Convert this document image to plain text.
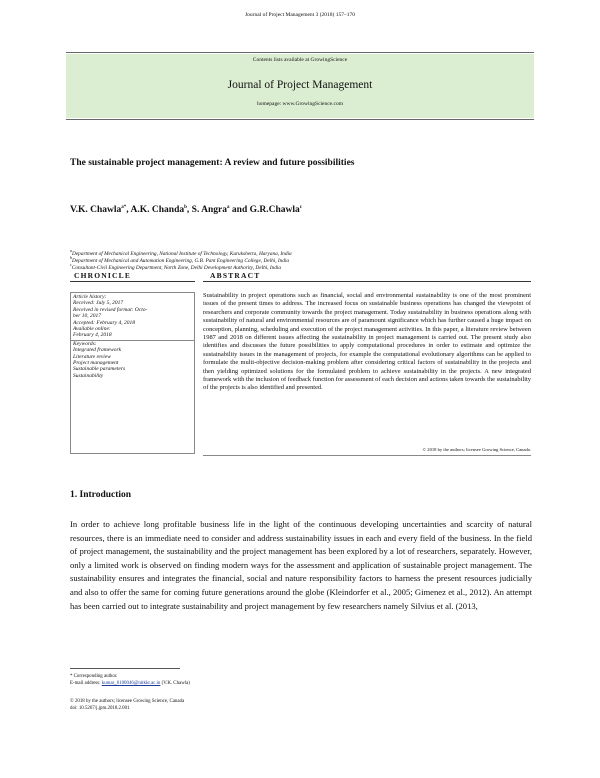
Journal of Project Management 3 (2018) 157–170
Contents lists available at GrowingScience
Journal of Project Management
homepage: www.GrowingScience.com
The sustainable project management: A review and future possibilities
V.K. Chawla$^{a*}$, A.K. Chanda$^b$, S. Angra$^a$ and G.R.Chawla$^c$
$^a$Department of Mechanical Engineering, National Institute of Technology, Kurukshetra, Haryana, India
$^b$Department of Mechanical and Automation Engineering, G.B. Pant Engineering College, Delhi, India
$^c$Consultant-Civil Engineering Department, North Zone, Delhi Development Authority, Delhi, India
CHRONICLE	ABSTRACT
Article history:
Received: July 5, 2017
Received in revised format: Octo-
ber 10, 2017
Accepted: February 4, 2018
Available online:
February 4, 2018
Keywords:
Integrated framework
Literature review
Project management
Sustainable parameters
Sustainability
Sustainability in project operations such as financial, social and environmental sustainability is one of the most prominent issues of the present times to address. The increased focus on sustainable business operations has changed the viewpoint of researchers and corporate community towards the project management. Today sustainability in business operations along with sustainability of natural and environmental resources are of paramount significance which has further caused a huge impact on conception, planning, scheduling and execution of the project management activities. In this paper, a literature review between 1987 and 2018 on different issues affecting the sustainability in project management is carried out. The present study also identifies and discusses the future possibilities to apply computational procedures in order to estimate and optimize the sustainability issues in the management of projects, for example the computational evolutionary algorithms can be applied to formulate the multi-objective decision-making problem after considering critical factors of sustainability in the projects and then yielding optimized solutions for the formulated problem to achieve sustainability in the projects. A new integrated framework with the inclusion of feedback function for assessment of each decision and actions taken towards the sustainability of the projects is also identified and presented.
© 2018 by the authors; licensee Growing Science, Canada.
1. Introduction
In order to achieve long profitable business life in the light of the continuous developing uncertainties and scarcity of natural resources, there is an immediate need to consider and address sustainability issues in each and every field of the business. In the field of project management, the sustainability and the project management has been explored by a lot of researchers, separately. However, only a limited work is observed on finding modern ways for the assessment and application of sustainable project management. The sustainability ensures and integrates the financial, social and nature responsibility factors to harness the present resources judicially and also to offer the same for coming future generations around the globe (Kleindorfer et al., 2005; Gimenez et al., 2012). An attempt has been carried out to integrate sustainability and project management by few researchers namely Silvius et al. (2013,
* Corresponding author.
E-mail address: kumar_6100046@nitkkr.ac.in (V.K. Chawla)
© 2018 by the authors; licensee Growing Science, Canada
doi: 10.5267/j.jpm.2018.2.001
